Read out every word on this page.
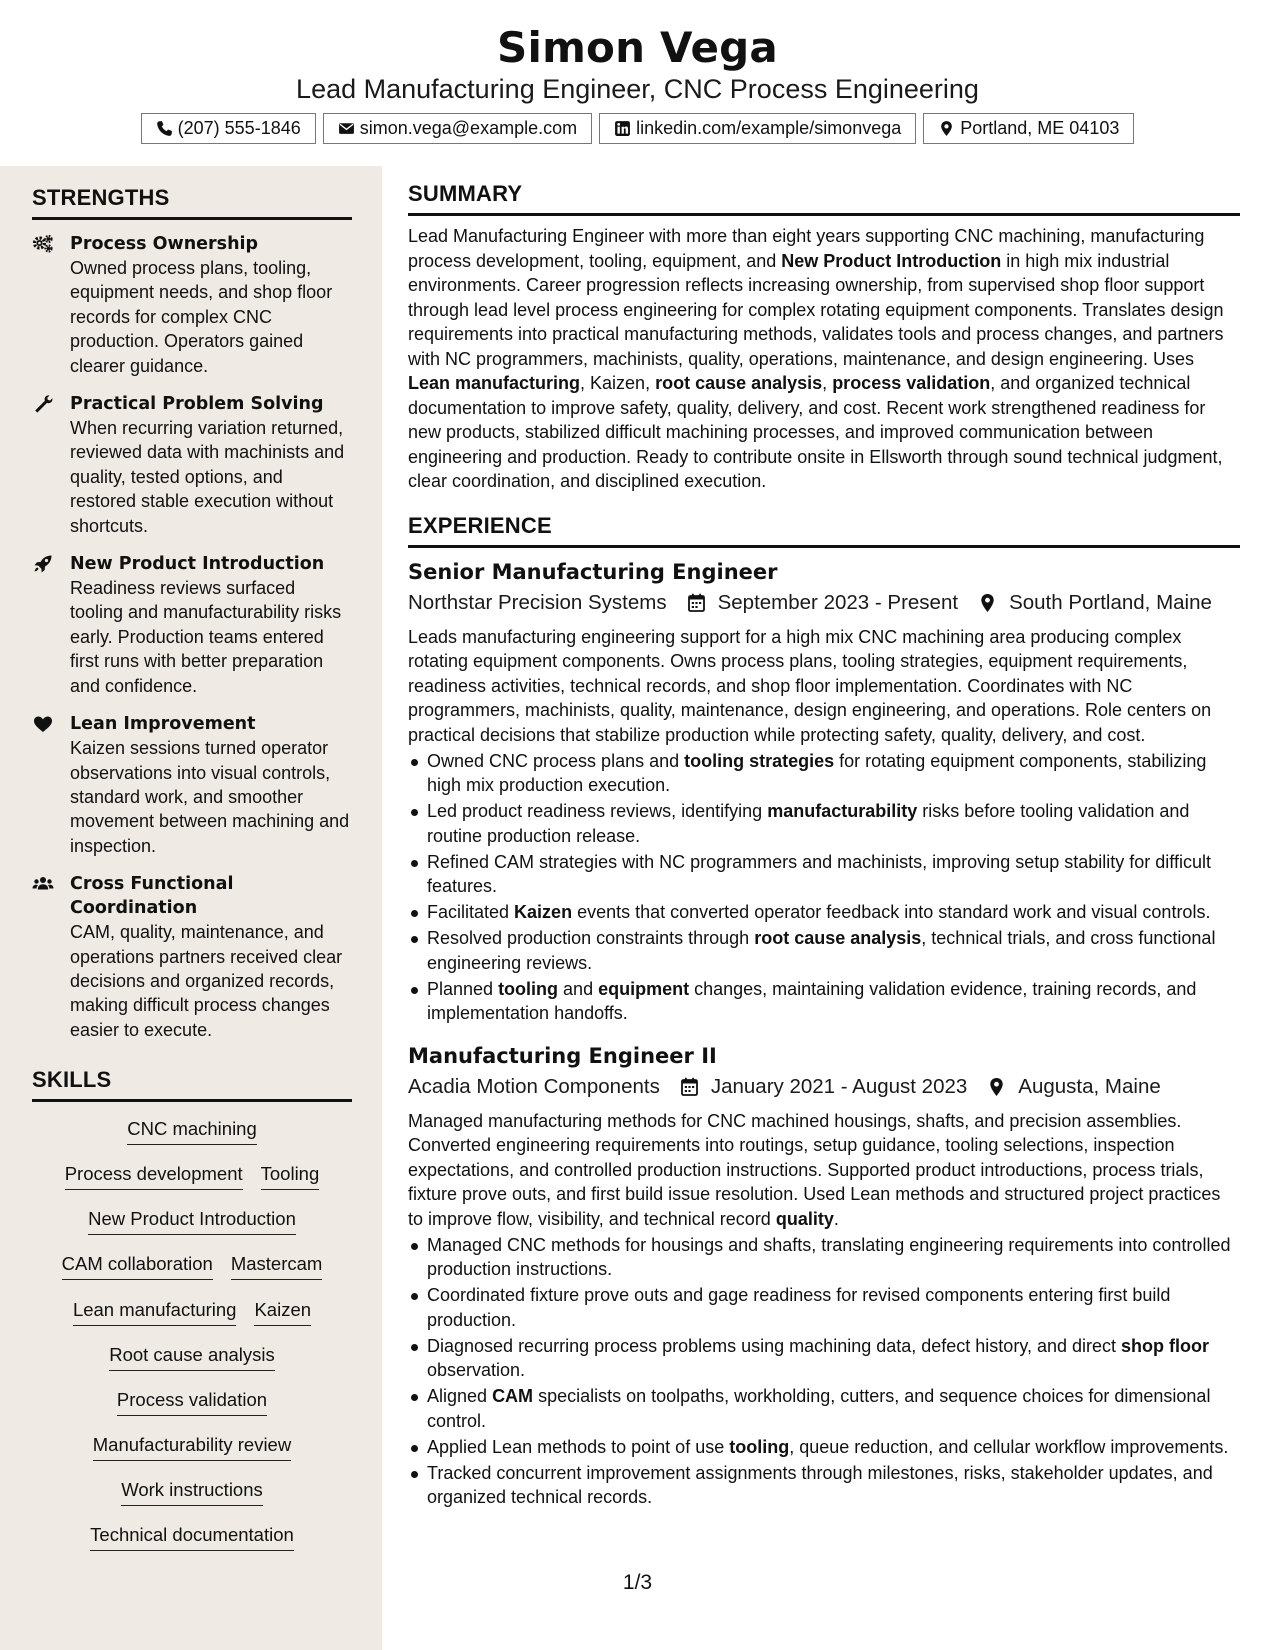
Simon Vega
Lead Manufacturing Engineer, CNC Process Engineering
(207) 555-1846	simon.vega@example.com	linkedin.com/example/simonvega	Portland, ME 04103
STRENGTHS
Process Ownership
Owned process plans, tooling, equipment needs, and shop floor records for complex CNC production. Operators gained clearer guidance.
Practical Problem Solving
When recurring variation returned, reviewed data with machinists and quality, tested options, and restored stable execution without shortcuts.
New Product Introduction
Readiness reviews surfaced tooling and manufacturability risks early. Production teams entered first runs with better preparation and confidence.
Lean Improvement
Kaizen sessions turned operator observations into visual controls, standard work, and smoother movement between machining and inspection.
Cross Functional Coordination
CAM, quality, maintenance, and operations partners received clear decisions and organized records, making difficult process changes easier to execute.
SKILLS
CNC machining
Process development Tooling
New Product Introduction
CAM collaboration Mastercam
Lean manufacturing Kaizen
Root cause analysis
Process validation
Manufacturability review
Work instructions
Technical documentation
SUMMARY
Lead Manufacturing Engineer with more than eight years supporting CNC machining, manufacturing process development, tooling, equipment, and New Product Introduction in high mix industrial environments. Career progression reflects increasing ownership, from supervised shop floor support through lead level process engineering for complex rotating equipment components. Translates design requirements into practical manufacturing methods, validates tools and process changes, and partners with NC programmers, machinists, quality, operations, maintenance, and design engineering. Uses Lean manufacturing, Kaizen, root cause analysis, process validation, and organized technical documentation to improve safety, quality, delivery, and cost. Recent work strengthened readiness for new products, stabilized difficult machining processes, and improved communication between engineering and production. Ready to contribute onsite in Ellsworth through sound technical judgment, clear coordination, and disciplined execution.
EXPERIENCE
Senior Manufacturing Engineer
Northstar Precision Systems September 2023 - Present South Portland, Maine
Leads manufacturing engineering support for a high mix CNC machining area producing complex rotating equipment components. Owns process plans, tooling strategies, equipment requirements, readiness activities, technical records, and shop floor implementation. Coordinates with NC programmers, machinists, quality, maintenance, design engineering, and operations. Role centers on practical decisions that stabilize production while protecting safety, quality, delivery, and cost.
Owned CNC process plans and tooling strategies for rotating equipment components, stabilizing high mix production execution.
Led product readiness reviews, identifying manufacturability risks before tooling validation and routine production release.
Refined CAM strategies with NC programmers and machinists, improving setup stability for difficult features.
Facilitated Kaizen events that converted operator feedback into standard work and visual controls.
Resolved production constraints through root cause analysis, technical trials, and cross functional engineering reviews.
Planned tooling and equipment changes, maintaining validation evidence, training records, and implementation handoffs.
Manufacturing Engineer II
Acadia Motion Components January 2021 - August 2023 Augusta, Maine
Managed manufacturing methods for CNC machined housings, shafts, and precision assemblies. Converted engineering requirements into routings, setup guidance, tooling selections, inspection expectations, and controlled production instructions. Supported product introductions, process trials, fixture prove outs, and first build issue resolution. Used Lean methods and structured project practices to improve flow, visibility, and technical record quality.
Managed CNC methods for housings and shafts, translating engineering requirements into controlled production instructions.
Coordinated fixture prove outs and gage readiness for revised components entering first build production.
Diagnosed recurring process problems using machining data, defect history, and direct shop floor observation.
Aligned CAM specialists on toolpaths, workholding, cutters, and sequence choices for dimensional control.
Applied Lean methods to point of use tooling, queue reduction, and cellular workflow improvements.
Tracked concurrent improvement assignments through milestones, risks, stakeholder updates, and organized technical records.
1/3
